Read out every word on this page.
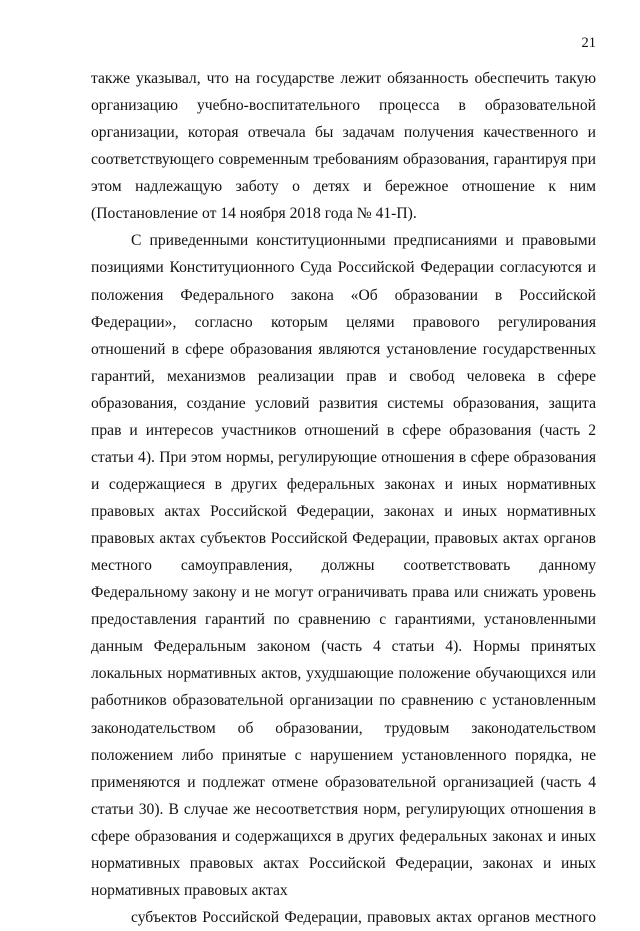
21

также указывал, что на государстве лежит обязанность обеспечить такую организацию учебно-воспитательного процесса в образовательной организации, которая отвечала бы задачам получения качественного и соответствующего современным требованиям образования, гарантируя при этом надлежащую заботу о детях и бережное отношение к ним (Постановление от 14 ноября 2018 года № 41-П).

С приведенными конституционными предписаниями и правовыми позициями Конституционного Суда Российской Федерации согласуются и положения Федерального закона «Об образовании в Российской Федерации», согласно которым целями правового регулирования отношений в сфере образования являются установление государственных гарантий, механизмов реализации прав и свобод человека в сфере образования, создание условий развития системы образования, защита прав и интересов участников отношений в сфере образования (часть 2 статьи 4). При этом нормы, регулирующие отношения в сфере образования и содержащиеся в других федеральных законах и иных нормативных правовых актах Российской Федерации, законах и иных нормативных правовых актах субъектов Российской Федерации, правовых актах органов местного самоуправления, должны соответствовать данному Федеральному закону и не могут ограничивать права или снижать уровень предоставления гарантий по сравнению с гарантиями, установленными данным Федеральным законом (часть 4 статьи 4). Нормы принятых локальных нормативных актов, ухудшающие положение обучающихся или работников образовательной организации по сравнению с установленным законодательством об образовании, трудовым законодательством положением либо принятые с нарушением установленного порядка, не применяются и подлежат отмене образовательной организацией (часть 4 статьи 30). В случае же несоответствия норм, регулирующих отношения в сфере образования и содержащихся в других федеральных законах и иных нормативных правовых актах Российской Федерации, законах и иных нормативных правовых актах
субъектов Российской Федерации, правовых актах органов местного
